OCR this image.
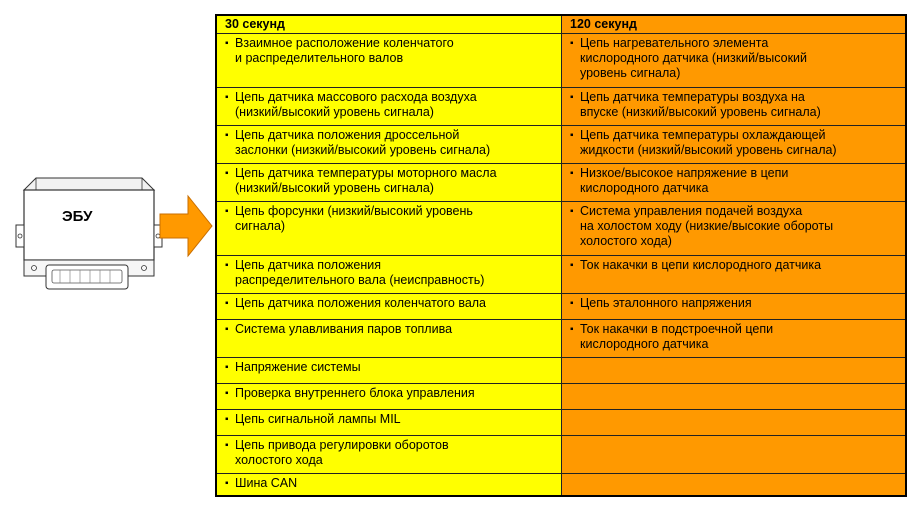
ЭБУ
30 секунд	120 секунд

▪ Взаимное расположение коленчатого
и распределительного валов	▪ Цепь нагревательного элемента
кислородного датчика (низкий/высокий
уровень сигнала)

▪ Цепь датчика массового расхода воздуха
(низкий/высокий уровень сигнала)	▪ Цепь датчика температуры воздуха на
впуске (низкий/высокий уровень сигнала)

▪ Цепь датчика положения дроссельной
заслонки (низкий/высокий уровень сигнала)	▪ Цепь датчика температуры охлаждающей
жидкости (низкий/высокий уровень сигнала)

▪ Цепь датчика температуры моторного масла
(низкий/высокий уровень сигнала)	▪ Низкое/высокое напряжение в цепи
кислородного датчика

▪ Цепь форсунки (низкий/высокий уровень
сигнала)	▪ Система управления подачей воздуха
на холостом ходу (низкие/высокие обороты
холостого хода)

▪ Цепь датчика положения
распределительного вала (неисправность)	▪ Ток накачки в цепи кислородного датчика

▪ Цепь датчика положения коленчатого вала	▪ Цепь эталонного напряжения

▪ Система улавливания паров топлива	▪ Ток накачки в подстроечной цепи
кислородного датчика

▪ Напряжение системы	

▪ Проверка внутреннего блока управления	

▪ Цепь сигнальной лампы MIL	

▪ Цепь привода регулировки оборотов
холостого хода	

▪ Шина CAN	
